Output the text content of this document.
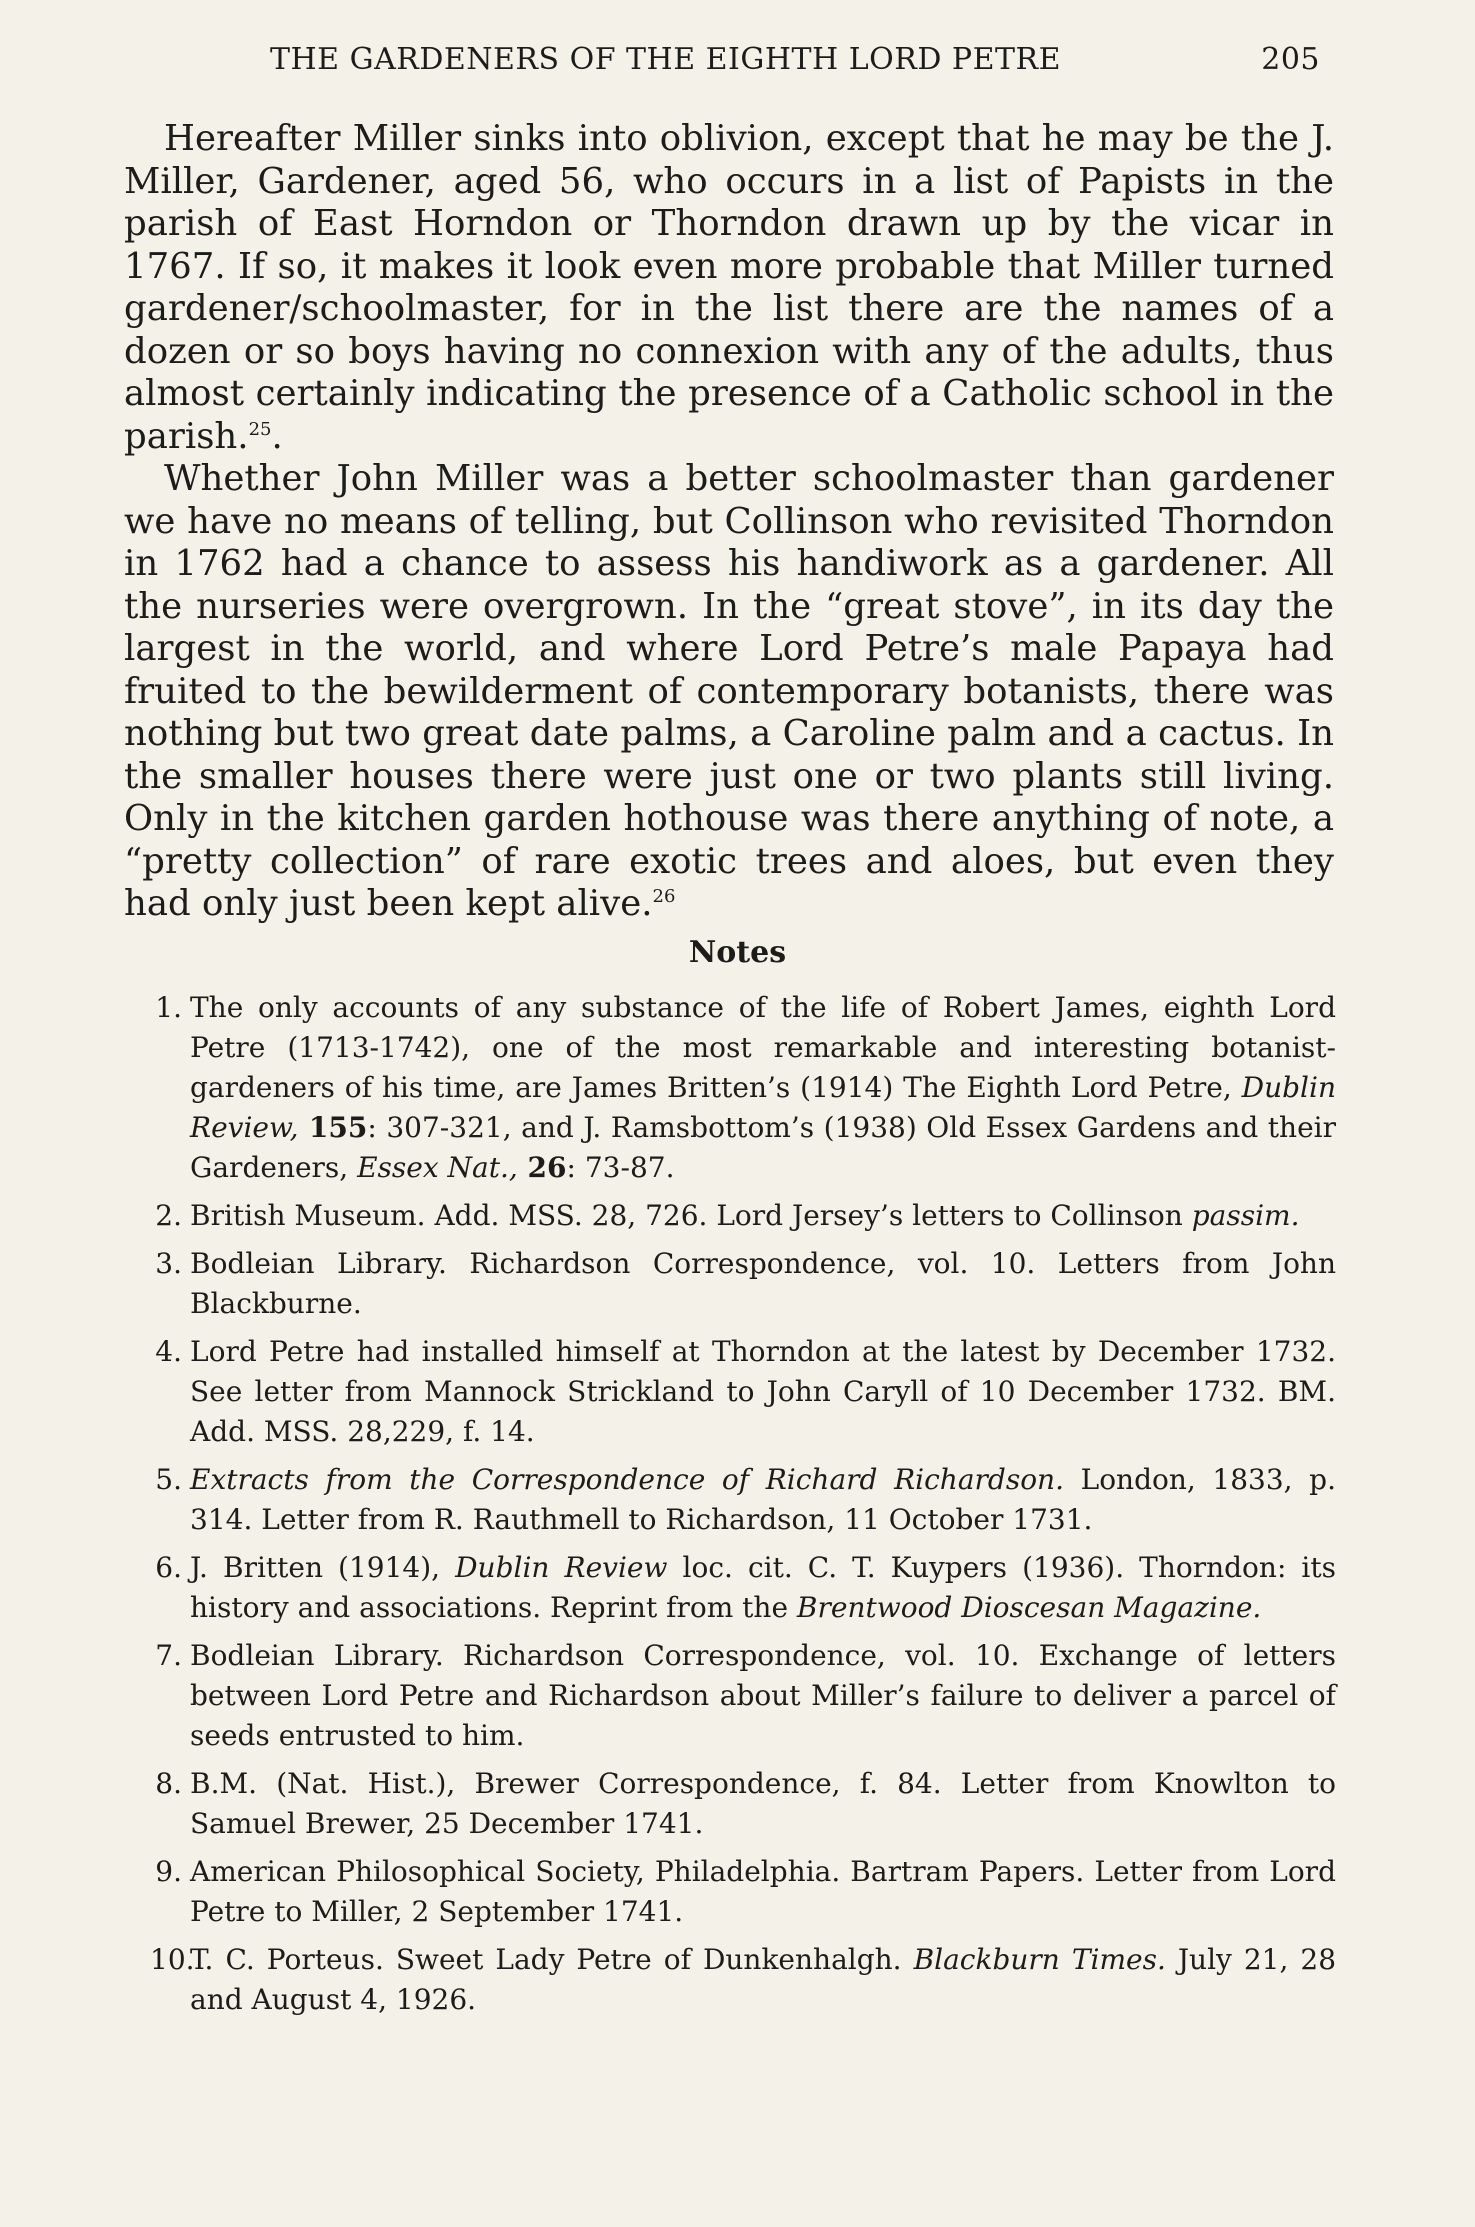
THE GARDENERS OF THE EIGHTH LORD PETRE	205

Hereafter Miller sinks into oblivion, except that he may be the J. Miller, Gardener, aged 56, who occurs in a list of Papists in the parish of East Horndon or Thorndon drawn up by the vicar in 1767. If so, it makes it look even more probable that Miller turned gardener/schoolmaster, for in the list there are the names of a dozen or so boys having no connexion with any of the adults, thus almost certainly indicating the presence of a Catholic school in the parish.$^{25}$.

Whether John Miller was a better schoolmaster than gardener we have no means of telling, but Collinson who revisited Thorndon in 1762 had a chance to assess his handiwork as a gardener. All the nurseries were overgrown. In the “great stove”, in its day the largest in the world, and where Lord Petre’s male Papaya had fruited to the bewilderment of contemporary botanists, there was nothing but two great date palms, a Caroline palm and a cactus. In the smaller houses there were just one or two plants still living. Only in the kitchen garden hothouse was there anything of note, a “pretty collection” of rare exotic trees and aloes, but even they had only just been kept alive.$^{26}$

Notes
1. The only accounts of any substance of the life of Robert James, eighth Lord Petre (1713-1742), one of the most remarkable and interesting botanist-gardeners of his time, are James Britten’s (1914) The Eighth Lord Petre, Dublin Review, 155: 307-321, and J. Ramsbottom’s (1938) Old Essex Gardens and their Gardeners, Essex Nat., 26: 73-87.
2. British Museum. Add. MSS. 28, 726. Lord Jersey’s letters to Collinson passim.
3. Bodleian Library. Richardson Correspondence, vol. 10. Letters from John Blackburne.
4. Lord Petre had installed himself at Thorndon at the latest by December 1732. See letter from Mannock Strickland to John Caryll of 10 December 1732. BM. Add. MSS. 28,229, f. 14.
5. Extracts from the Correspondence of Richard Richardson. London, 1833, p. 314. Letter from R. Rauthmell to Richardson, 11 October 1731.
6. J. Britten (1914), Dublin Review loc. cit. C. T. Kuypers (1936). Thorndon: its history and associations. Reprint from the Brentwood Dioscesan Magazine.
7. Bodleian Library. Richardson Correspondence, vol. 10. Exchange of letters between Lord Petre and Richardson about Miller’s failure to deliver a parcel of seeds entrusted to him.
8. B.M. (Nat. Hist.), Brewer Correspondence, f. 84. Letter from Knowlton to Samuel Brewer, 25 December 1741.
9. American Philosophical Society, Philadelphia. Bartram Papers. Letter from Lord Petre to Miller, 2 September 1741.
10.
T. C. Porteus. Sweet Lady Petre of Dunkenhalgh. Blackburn Times. July 21, 28 and August 4, 1926.
